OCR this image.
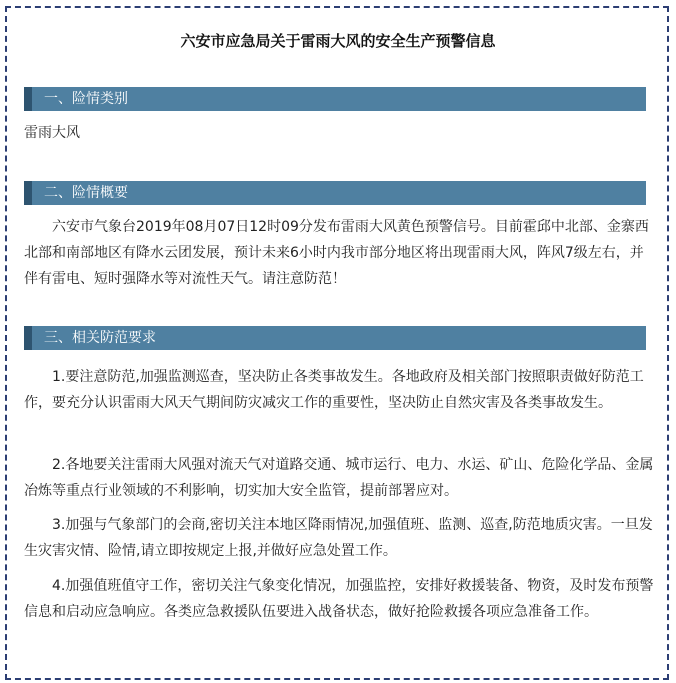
六安市应急局关于雷雨大风的安全生产预警信息
一、险情类别
雷雨大风
二、险情概要
六安市气象台2019年08月07日12时09分发布雷雨大风黄色预警信号。目前霍邱中北部、金寨西北部和南部地区有降水云团发展，预计未来6小时内我市部分地区将出现雷雨大风，阵风7级左右，并伴有雷电、短时强降水等对流性天气。请注意防范！
三、相关防范要求
1.要注意防范,加强监测巡查，坚决防止各类事故发生。各地政府及相关部门按照职责做好防范工作，要充分认识雷雨大风天气期间防灾减灾工作的重要性，坚决防止自然灾害及各类事故发生。
2.各地要关注雷雨大风强对流天气对道路交通、城市运行、电力、水运、矿山、危险化学品、金属冶炼等重点行业领域的不利影响，切实加大安全监管，提前部署应对。
3.加强与气象部门的会商,密切关注本地区降雨情况,加强值班、监测、巡查,防范地质灾害。一旦发生灾害灾情、险情,请立即按规定上报,并做好应急处置工作。
4.加强值班值守工作，密切关注气象变化情况，加强监控，安排好救援装备、物资，及时发布预警信息和启动应急响应。各类应急救援队伍要进入战备状态，做好抢险救援各项应急准备工作。
